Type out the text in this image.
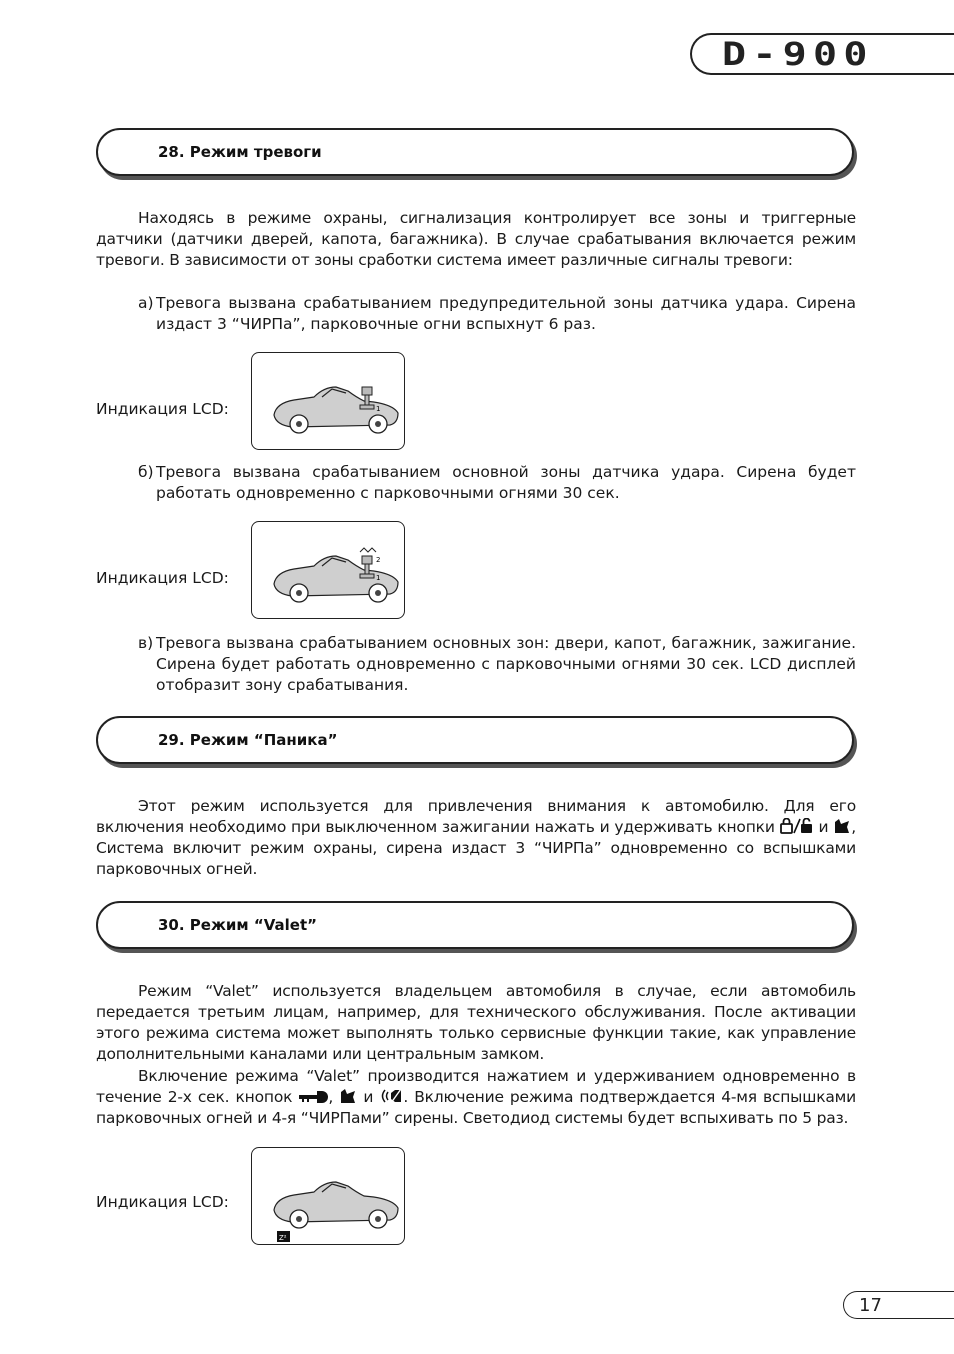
D-900
28. Режим тревоги

Находясь в режиме охраны, сигнализация контролирует все зоны и триггерные датчики (датчики дверей, капота, багажника). В случае срабатывания включается режим тревоги. В зависимости от зоны сработки система имеет различные сигналы тревоги:

а) Тревога вызвана срабатыванием предупредительной зоны датчика удара. Сирена издаст 3 “ЧИРПа”, парковочные огни вспыхнут 6 раз.
Индикация LCD:	1
б) Тревога вызвана срабатыванием основной зоны датчика удара. Сирена будет работать одновременно с парковочными огнями 30 сек.
Индикация LCD:
2
1
в) Тревога вызвана срабатыванием основных зон: двери, капот, багажник, зажигание. Сирена будет работать одновременно с парковочными огнями 30 сек. LCD дисплей отобразит зону срабатывания.
29. Режим “Паника”

Этот режим используется для привлечения внимания к автомобилю. Для его включения необходимо при выключенном зажигании нажать и удерживать кнопки	и , Система включит режим охраны, сирена издаст 3 “ЧИРПа” одновременно со вспышками парковочных огней.

30. Режим “Valet”

Режим “Valet” используется владельцем автомобиля в случае, если автомобиль передается третьим лицам, например, для технического обслуживания. После активации этого режима система может выполнять только сервисные функции такие, как управление дополнительными каналами или центральным замком.

Включение режима “Valet” производится нажатием и удерживанием одновременно в течение 2-х сек. кнопок , и . Включение режима подтверждается 4-мя вспышками парковочных огней и 4-я “ЧИРПами” сирены. Светодиод системы будет вспыхивать по 5 раз.

Индикация LCD:
Z²
17
